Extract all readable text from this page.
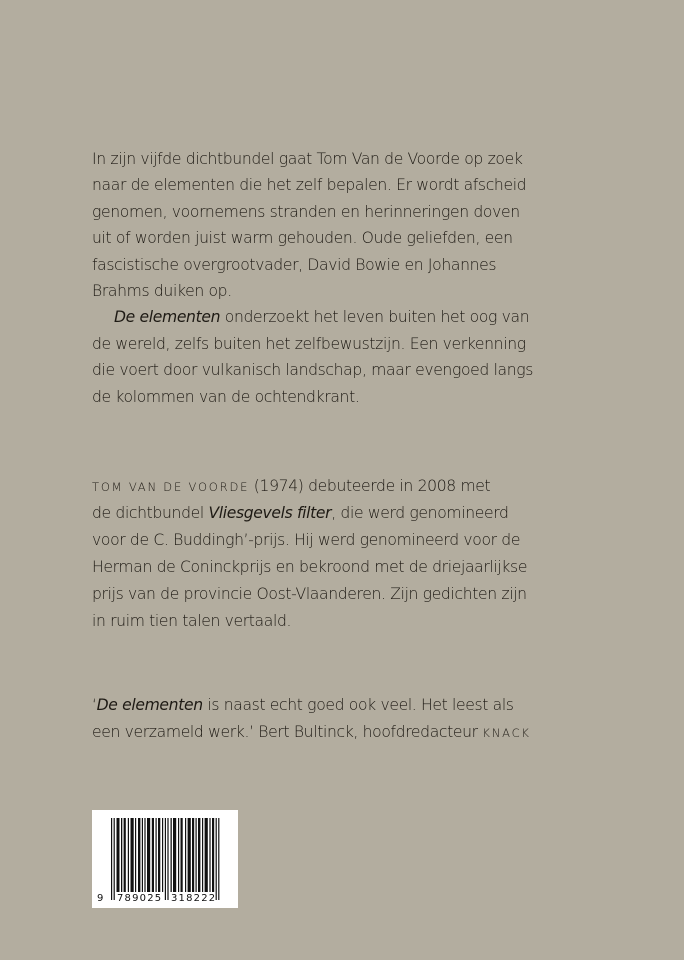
In zijn vijfde dichtbundel gaat Tom Van de Voorde op zoek
naar de elementen die het zelf bepalen. Er wordt afscheid
genomen, voornemens stranden en herinneringen doven
uit of worden juist warm gehouden. Oude geliefden, een
fascistische overgrootvader, David Bowie en Johannes
Brahms duiken op.
De elementen onderzoekt het leven buiten het oog van
de wereld, zelfs buiten het zelfbewustzijn. Een verkenning
die voert door vulkanisch landschap, maar evengoed langs
de kolommen van de ochtendkrant.
TOM VAN DE VOORDE (1974) debuteerde in 2008 met
de dichtbundel Vliesgevels filter, die werd genomineerd
voor de C. Buddingh’-prijs. Hij werd genomineerd voor de
Herman de Coninckprijs en bekroond met de driejaarlijkse
prijs van de provincie Oost-Vlaanderen. Zijn gedichten zijn
in ruim tien talen vertaald.
‘De elementen is naast echt goed ook veel. Het leest als
een verzameld werk.’ Bert Bultinck, hoofdredacteur KNACK
9 789025 318222
